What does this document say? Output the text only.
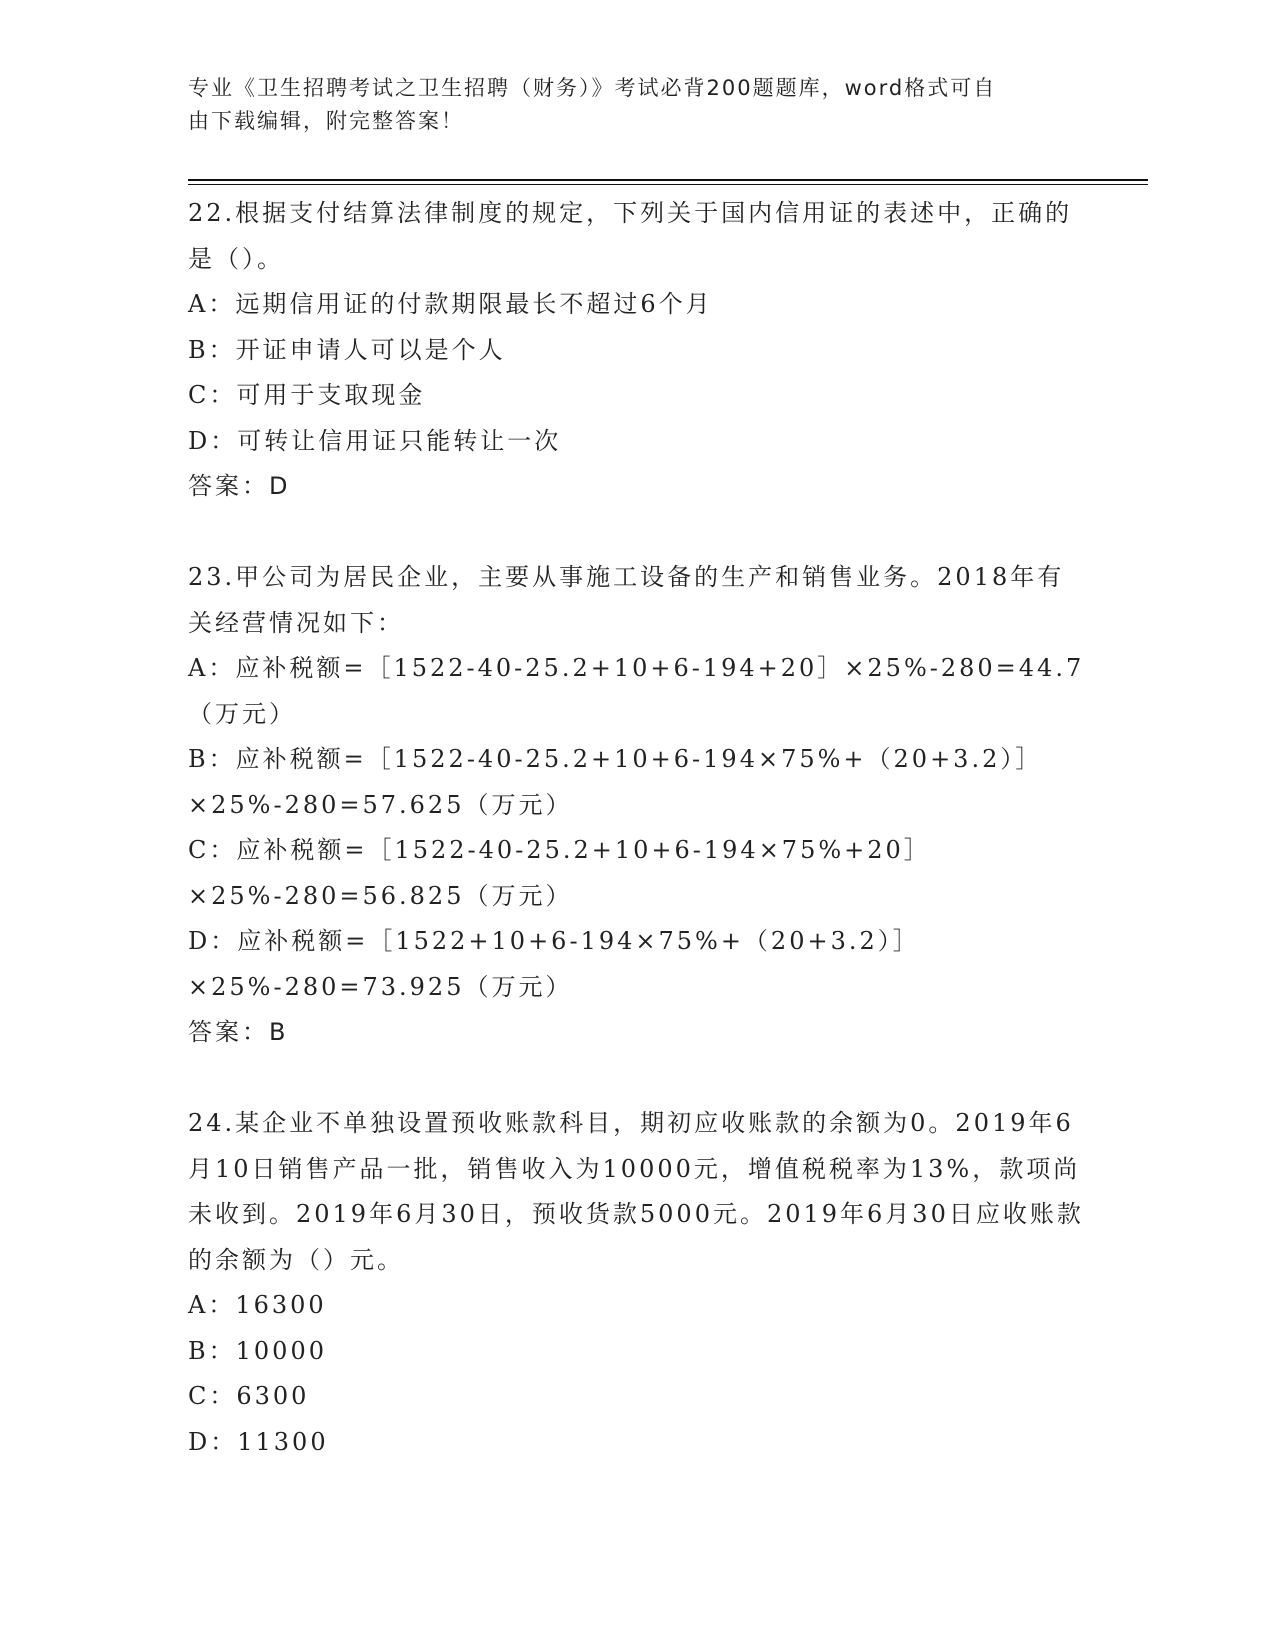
专业《卫生招聘考试之卫生招聘（财务）》考试必背200题题库，word格式可自
由下载编辑，附完整答案！
22.根据支付结算法律制度的规定，下列关于国内信用证的表述中，正确的是（）。
A：远期信用证的付款期限最长不超过6个月
B：开证申请人可以是个人
C：可用于支取现金
D：可转让信用证只能转让一次
答案：D
23.甲公司为居民企业，主要从事施工设备的生产和销售业务。2018年有关经营情况如下：
A：应补税额=［1522-40-25.2+10+6-194+20］×25%-280=44.7（万元）
B：应补税额=［1522-40-25.2+10+6-194×75%+（20+3.2）］×25%-280=57.625（万元）
C：应补税额=［1522-40-25.2+10+6-194×75%+20］×25%-280=56.825（万元）
D：应补税额=［1522+10+6-194×75%+（20+3.2）］×25%-280=73.925（万元）
答案：B
24.某企业不单独设置预收账款科目，期初应收账款的余额为0。2019年6月10日销售产品一批，销售收入为10000元，增值税税率为13%，款项尚未收到。2019年6月30日，预收货款5000元。2019年6月30日应收账款的余额为（）元。
A：16300
B：10000
C：6300
D：11300
